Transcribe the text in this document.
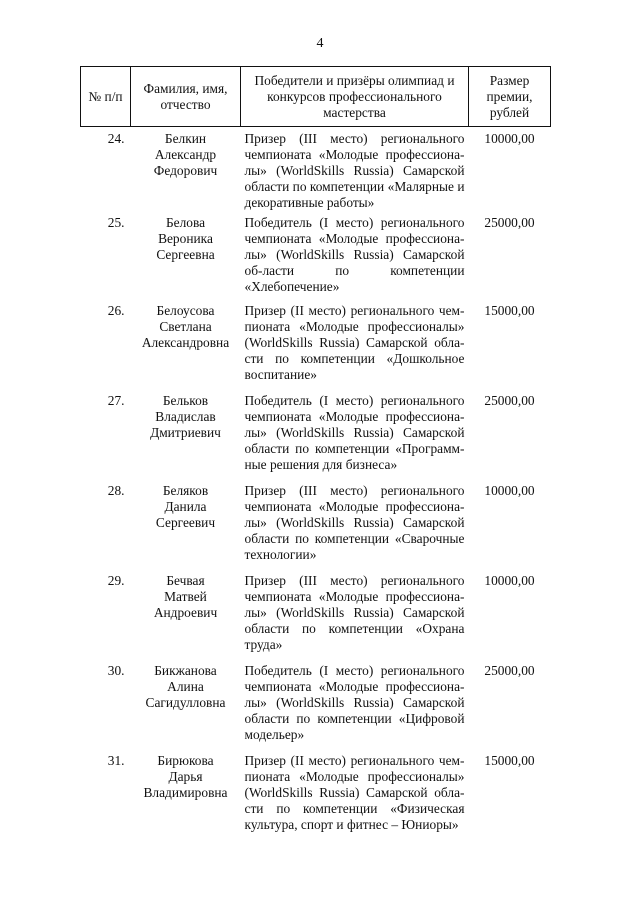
4
№ п/п	Фамилия, имя, отчество	Победители и призёры олимпиад и конкурсов профессионального мастерства	Размер премии, рублей
24.	Белкин
Александр
Федорович	Призер (III место) регионального чемпионата «Молодые профессиона-лы» (WorldSkills Russia) Самарской области по компетенции «Малярные и декоративные работы»	10000,00
25.	Белова
Вероника
Сергеевна	Победитель (I место) регионального чемпионата «Молодые профессиона-лы» (WorldSkills Russia) Самарской об-ласти по компетенции «Хлебопечение»	25000,00
26.	Белоусова
Светлана
Александровна	Призер (II место) регионального чем-пионата «Молодые профессионалы» (WorldSkills Russia) Самарской обла-сти по компетенции «Дошкольное воспитание»	15000,00
27.	Бельков
Владислав
Дмитриевич	Победитель (I место) регионального чемпионата «Молодые профессиона-лы» (WorldSkills Russia) Самарской области по компетенции «Программ-ные решения для бизнеса»	25000,00
28.	Беляков
Данила
Сергеевич	Призер (III место) регионального чемпионата «Молодые профессиона-лы» (WorldSkills Russia) Самарской области по компетенции «Сварочные технологии»	10000,00
29.	Бечвая
Матвей
Андроевич	Призер (III место) регионального чемпионата «Молодые профессиона-лы» (WorldSkills Russia) Самарской области по компетенции «Охрана труда»	10000,00
30.	Бикжанова
Алина
Сагидулловна	Победитель (I место) регионального чемпионата «Молодые профессиона-лы» (WorldSkills Russia) Самарской области по компетенции «Цифровой модельер»	25000,00
31.	Бирюкова
Дарья
Владимировна	Призер (II место) регионального чем-пионата «Молодые профессионалы» (WorldSkills Russia) Самарской обла-сти по компетенции «Физическая культура, спорт и фитнес – Юниоры»	15000,00
